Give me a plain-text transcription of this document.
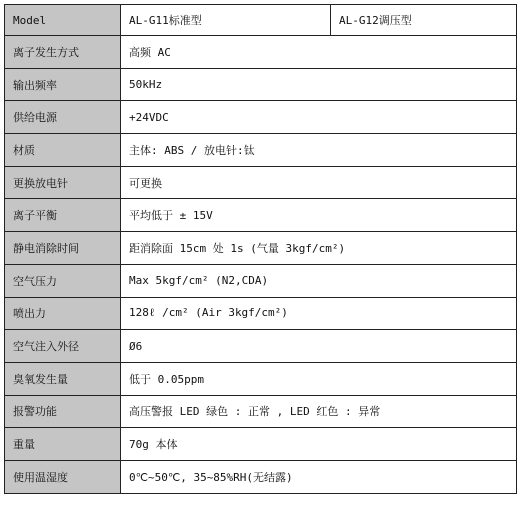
Model	AL-G11标准型	AL-G12调压型
离子发生方式	高频 AC	
输出频率	50kHz	
供给电源	+24VDC	
材质	主体: ABS / 放电针:钛	
更换放电针	可更换	
离子平衡	平均低于 ± 15V	
静电消除时间	距消除面 15cm 处 1s (气量 3kgf/cm²)	
空气压力	Max 5kgf/cm² (N2,CDA)	
喷出力	128ℓ /cm² (Air 3kgf/cm²)	
空气注入外径	Ø6	
臭氧发生量	低于 0.05ppm	
报警功能	高压警报 LED 绿色 : 正常 , LED 红色 : 异常	
重量	70g 本体	
使用温湿度	0℃~50℃, 35~85%RH(无结露)	
